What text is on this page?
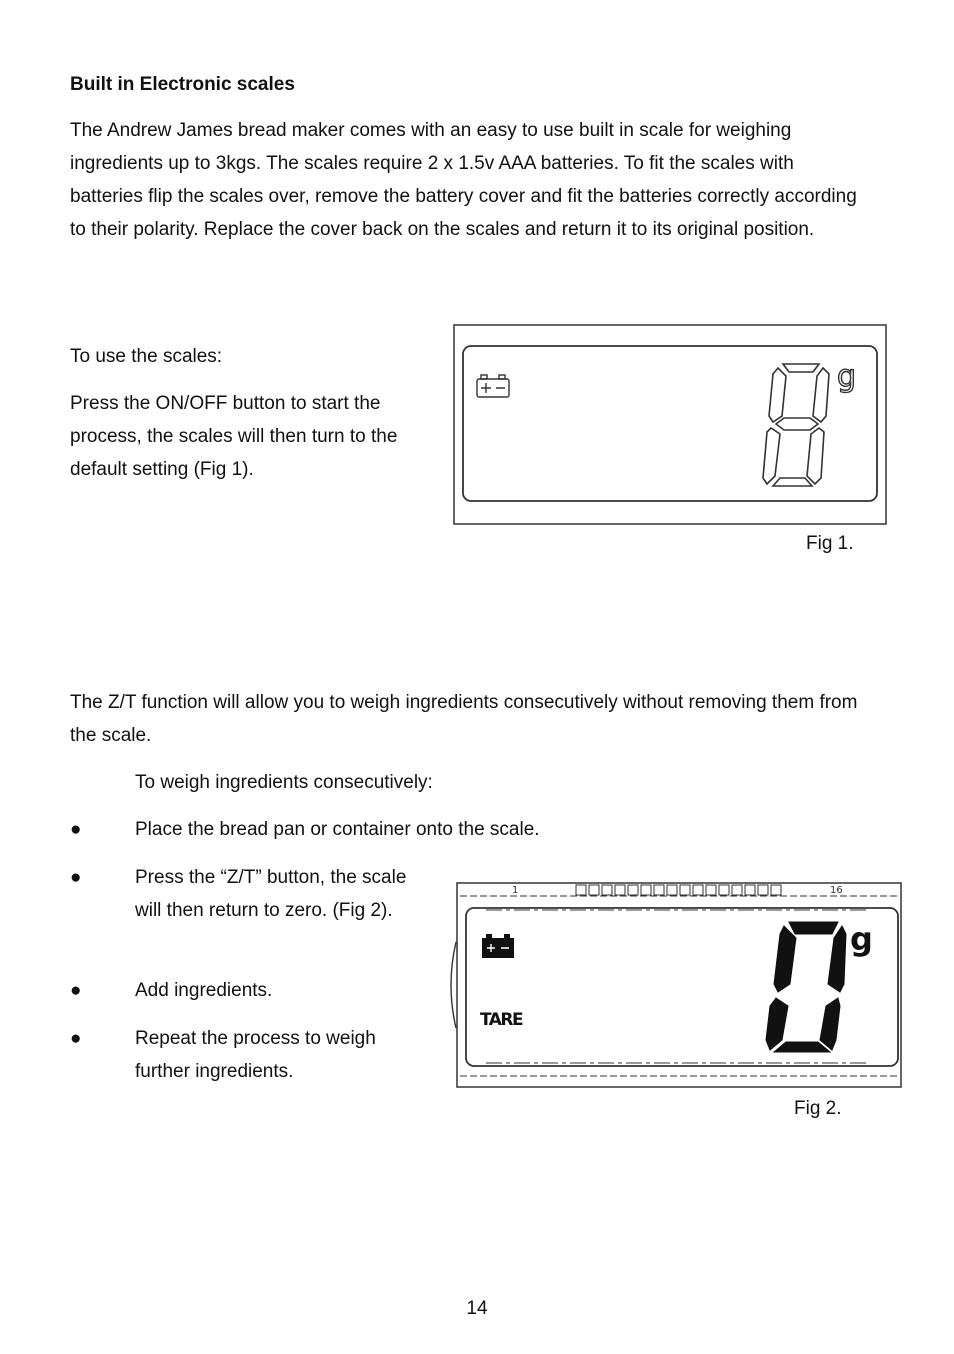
Built in Electronic scales

The Andrew James bread maker comes with an easy to use built in scale for weighing ingredients up to 3kgs. The scales require 2 x 1.5v AAA batteries. To fit the scales with batteries flip the scales over, remove the battery cover and fit the batteries correctly according to their polarity. Replace the cover back on the scales and return it to its original position.

To use the scales:

Press the ON/OFF button to start the process, the scales will then turn to the default setting (Fig 1).

g
Fig 1.

The Z/T function will allow you to weigh ingredients consecutively without removing them from the scale.

To weigh ingredients consecutively:

●	Place the bread pan or container onto the scale.

●	Press the “Z/T” button, the scale will then return to zero. (Fig 2).

●	Add ingredients.

●	Repeat the process to weigh further ingredients.

1	16
TARE
g
Fig 2.
14
